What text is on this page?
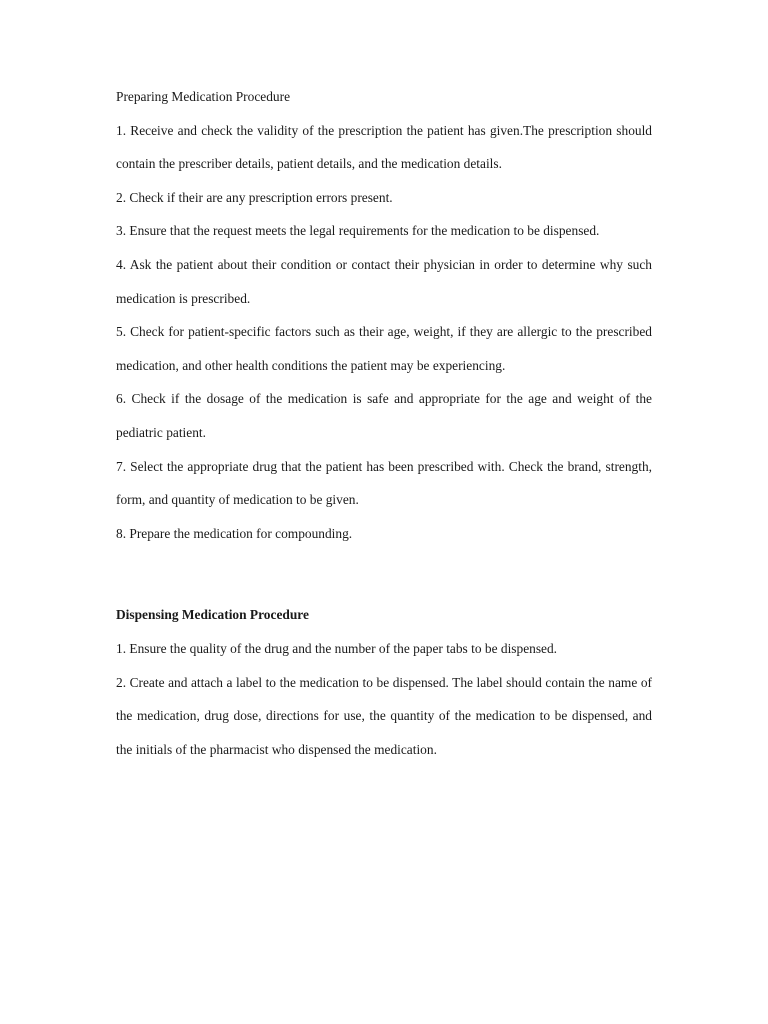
Preparing Medication Procedure

1. Receive and check the validity of the prescription the patient has given.The prescription should contain the prescriber details, patient details, and the medication details.

2. Check if their are any prescription errors present.

3. Ensure that the request meets the legal requirements for the medication to be dispensed.

4. Ask the patient about their condition or contact their physician in order to determine why such medication is prescribed.

5. Check for patient-specific factors such as their age, weight, if they are allergic to the prescribed medication, and other health conditions the patient may be experiencing.

6. Check if the dosage of the medication is safe and appropriate for the age and weight of the pediatric patient.

7. Select the appropriate drug that the patient has been prescribed with. Check the brand, strength, form, and quantity of medication to be given.

8. Prepare the medication for compounding.

Dispensing Medication Procedure

1. Ensure the quality of the drug and the number of the paper tabs to be dispensed.

2. Create and attach a label to the medication to be dispensed. The label should contain the name of the medication, drug dose, directions for use, the quantity of the medication to be dispensed, and the initials of the pharmacist who dispensed the medication.
